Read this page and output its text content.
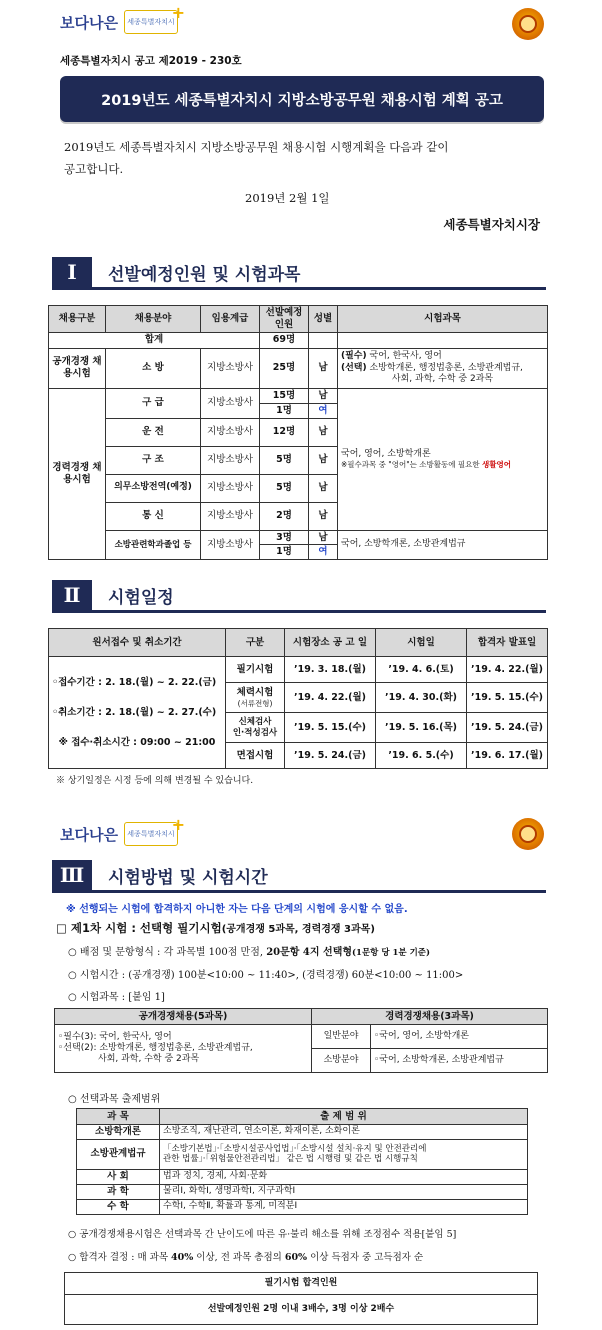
보다나은 세종특별자치시
+
세종특별자치시 공고 제2019 - 230호
2019년도 세종특별자치시 지방소방공무원 채용시험 계획 공고
2019년도 세종특별자치시 지방소방공무원 채용시험 시행계획을 다음과 같이
공고합니다.
2019년 2월 1일
세종특별자치시장
Ⅰ	선발예정인원 및 시험과목
채용구분	채용분야	임용계급	선발예정 인원	성별	시험과목
합계			69명		
공개경쟁 채용시험	소 방	지방소방사	25명	남	(필수) 국어, 한국사, 영어
(선택) 소방학개론, 행정법총론, 소방관계법규,
사회, 과학, 수학 중 2과목

경력경쟁 채용시험	구 급	지방소방사	15명	남	국어, 영어, 소방학개론
※필수과목 중 "영어"는 소방활동에 필요한 생활영어

			1명	여	
	운 전	지방소방사	12명	남	

	구 조	지방소방사	5명	남	

	의무소방전역(예정)	지방소방사	5명	남	

	통 신	지방소방사	2명	남	

	소방관련학과졸업 등	지방소방사	3명	남	국어, 소방학개론, 소방관계법규
			1명	여	
Ⅱ	시험일정
원서접수 및 취소기간	구분	시험장소 공 고 일	시험일	합격자 발표일

◦접수기간 : 2. 18.(월) ~ 2. 22.(금)
◦취소기간 : 2. 18.(월) ~ 2. 27.(수)
※ 접수·취소시간 : 09:00 ~ 21:00	필기시험	’19. 3. 18.(월)	’19. 4. 6.(토)	’19. 4. 22.(월)

	체력시험
(서류전형)	’19. 4. 22.(월)	’19. 4. 30.(화)	’19. 5. 15.(수)

	신체검사
인·적성검사	’19. 5. 15.(수)	’19. 5. 16.(목)	’19. 5. 24.(금)

	면접시험	’19. 5. 24.(금)	’19. 6. 5.(수)	’19. 6. 17.(월)
※ 상기일정은 시정 등에 의해 변경될 수 있습니다.
보다나은 세종특별자치시
+
Ⅲ	시험방법 및 시험시간
※ 선행되는 시험에 합격하지 아니한 자는 다음 단계의 시험에 응시할 수 없음.
□ 제1차 시험 : 선택형 필기시험(공개경쟁 5과목, 경력경쟁 3과목)
○ 배점 및 문항형식 : 각 과목별 100점 만점, 20문항 4지 선택형(1문항 당 1분 기준)
○ 시험시간 : (공개경쟁) 100분<10:00 ~ 11:40>, (경력경쟁) 60분<10:00 ~ 11:00>
○ 시험과목 : [붙임 1]
공개경쟁채용(5과목)	경력경쟁채용(3과목)	

◦필수(3): 국어, 한국사, 영어
◦선택(2): 소방학개론, 행정법총론, 소방관계법규,
사회, 과학, 수학 중 2과목	일반분야	◦국어, 영어, 소방학개론
	소방분야	◦국어, 소방학개론, 소방관계법규
○ 선택과목 출제범위
과 목	출 제 범 위
소방학개론	소방조직, 재난관리, 연소이론, 화재이론, 소화이론
소방관계법규	「소방기본법」·「소방시설공사업법」·「소방시설 설치·유지 및 안전관리에
관한 법률」·「위험물안전관리법」 같은 법 시행령 및 같은 법 시행규칙

사 회	법과 정치, 경제, 사회·문화
과 학	물리Ⅰ, 화학Ⅰ, 생명과학Ⅰ, 지구과학Ⅰ
수 학	수학Ⅰ, 수학Ⅱ, 확률과 통계, 미적분Ⅰ
○ 공개경쟁채용시험은 선택과목 간 난이도에 따른 유·불리 해소를 위해 조정점수 적용[붙임 5]
○ 합격자 결정 : 매 과목 40% 이상, 전 과목 총점의 60% 이상 득점자 중 고득점자 순
필기시험 합격인원
선발예정인원 2명 이내 3배수, 3명 이상 2배수
